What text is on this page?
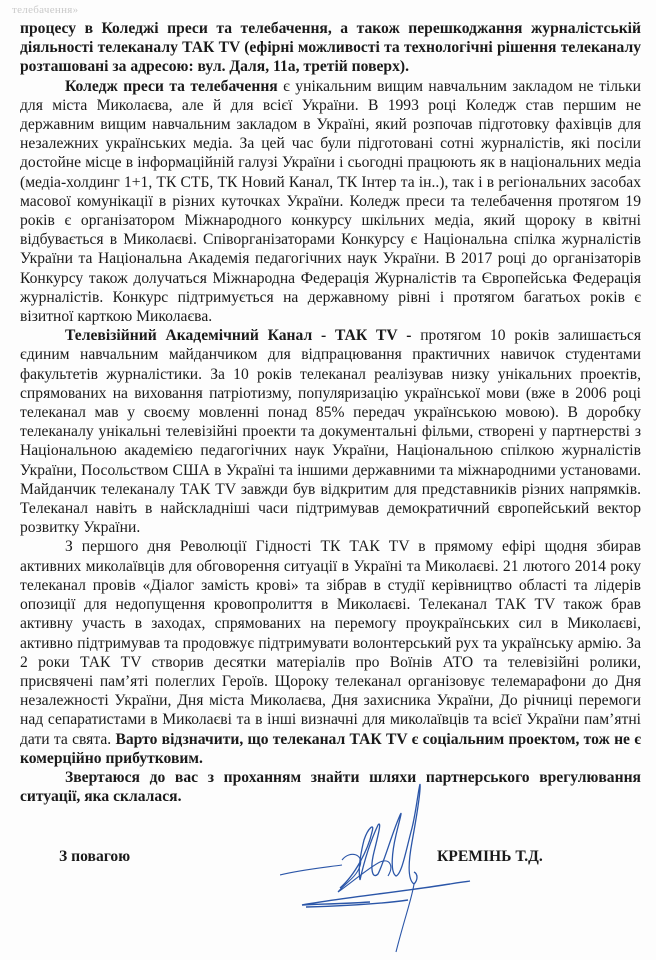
телебачення»

процесу в Коледжі преси та телебачення, а також перешкоджання журналістській діяльності телеканалу ТАК TV (ефірні можливості та технологічні рішення телеканалу розташовані за адресою: вул. Даля, 11а, третій поверх).

Коледж преси та телебачення є унікальним вищим навчальним закладом не тільки для міста Миколаєва, але й для всієї України. В 1993 році Коледж став першим не державним вищим навчальним закладом в Україні, який розпочав підготовку фахівців для незалежних українських медіа. За цей час були підготовані сотні журналістів, які посіли достойне місце в інформаційній галузі України і сьогодні працюють як в національних медіа (медіа-холдинг 1+1, ТК СТБ, ТК Новий Канал, ТК Інтер та ін..), так і в регіональних засобах масової комунікації в різних куточках України. Коледж преси та телебачення протягом 19 років є організатором Міжнародного конкурсу шкільних медіа, який щороку в квітні відбувається в Миколаєві. Співорганізаторами Конкурсу є Національна спілка журналістів України та Національна Академія педагогічних наук України. В 2017 році до організаторів Конкурсу також долучаться Міжнародна Федерація Журналістів та Європейська Федерація журналістів. Конкурс підтримується на державному рівні і протягом багатьох років є візитної карткою Миколаєва.

Телевізійний Академічний Канал - ТАК TV - протягом 10 років залишається єдиним навчальним майданчиком для відпрацювання практичних навичок студентами факультетів журналістики. За 10 років телеканал реалізував низку унікальних проектів, спрямованих на виховання патріотизму, популяризацію української мови (вже в 2006 році телеканал мав у своєму мовленні понад 85% передач українською мовою). В доробку телеканалу унікальні телевізійні проекти та документальні фільми, створені у партнерстві з Національною академією педагогічних наук України, Національною спілкою журналістів України, Посольством США в Україні та іншими державними та міжнародними установами. Майданчик телеканалу ТАК TV завжди був відкритим для представників різних напрямків. Телеканал навіть в найскладніші часи підтримував демократичний європейський вектор розвитку України.

З першого дня Революції Гідності ТК ТАК TV в прямому ефірі щодня збирав активних миколаївців для обговорення ситуації в Україні та Миколаєві. 21 лютого 2014 року телеканал провів «Діалог замість крові» та зібрав в студії керівництво області та лідерів опозиції для недопущення кровопролиття в Миколаєві. Телеканал ТАК TV також брав активну участь в заходах, спрямованих на перемогу проукраїнських сил в Миколаєві, активно підтримував та продовжує підтримувати волонтерський рух та українську армію. За 2 роки ТАК TV створив десятки матеріалів про Воїнів АТО та телевізійні ролики, присвячені пам’яті полеглих Героїв. Щороку телеканал організовує телемарафони до Дня незалежності України, Дня міста Миколаєва, Дня захисника України, До річниці перемоги над сепаратистами в Миколаєві та в інші визначні для миколаївців та всієї України пам’ятні дати та свята. Варто відзначити, що телеканал ТАК TV є соціальним проектом, тож не є комерційно прибутковим.

Звертаюся до вас з проханням знайти шляхи партнерського врегулювання ситуації, яка склалася.

З повагою	КРЕМІНЬ Т.Д.
